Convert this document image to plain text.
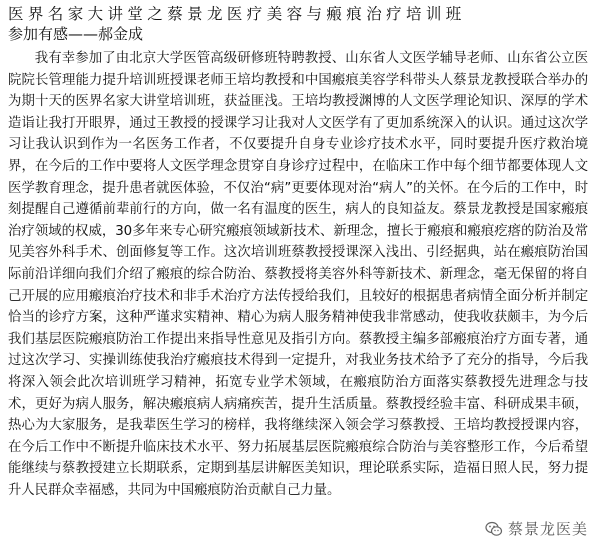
医界名家大讲堂之蔡景龙医疗美容与瘢痕治疗培训班

参加有感——郝金成

我有幸参加了由北京大学医管高级研修班特聘教授、山东省人文医学辅导老师、山东省公立医院院长管理能力提升培训班授课老师王培均教授和中国瘢痕美容学科带头人蔡景龙教授联合举办的为期十天的医界名家大讲堂培训班，获益匪浅。王培均教授渊博的人文医学理论知识、深厚的学术造诣让我打开眼界，通过王教授的授课学习让我对人文医学有了更加系统深入的认识。通过这次学习让我认识到作为一名医务工作者，不仅要提升自身专业诊疗技术水平，同时要提升医疗救治境界，在今后的工作中要将人文医学理念贯穿自身诊疗过程中，在临床工作中每个细节都要体现人文医学教育理念，提升患者就医体验，不仅治“病”更要体现对治“病人”的关怀。在今后的工作中，时刻提醒自己遵循前辈前行的方向，做一名有温度的医生，病人的良知益友。蔡景龙教授是国家瘢痕治疗领域的权威，30多年来专心研究瘢痕领域新技术、新理念，擅长于瘢痕和瘢痕疙瘩的防治及常见美容外科手术、创面修复等工作。这次培训班蔡教授授课深入浅出、引经据典，站在瘢痕防治国际前沿详细向我们介绍了瘢痕的综合防治、蔡教授将美容外科等新技术、新理念，毫无保留的将自己开展的应用瘢痕治疗技术和非手术治疗方法传授给我们，且较好的根据患者病情全面分析并制定恰当的诊疗方案，这种严谨求实精神、精心为病人服务精神使我非常感动，使我收获颇丰，为今后我们基层医院瘢痕防治工作提出来指导性意见及指引方向。蔡教授主编多部瘢痕治疗方面专著，通过这次学习、实操训练使我治疗瘢痕技术得到一定提升，对我业务技术给予了充分的指导，今后我将深入领会此次培训班学习精神，拓宽专业学术领域，在瘢痕防治方面落实蔡教授先进理念与技术，更好为病人服务，解决瘢痕病人病痛疾苦，提升生活质量。蔡教授经验丰富、科研成果丰硕，热心为大家服务，是我辈医生学习的榜样，我将继续深入领会学习蔡教授、王培均教授授课内容，在今后工作中不断提升临床技术水平、努力拓展基层医院瘢痕综合防治与美容整形工作，今后希望能继续与蔡教授建立长期联系，定期到基层讲解医美知识，理论联系实际，造福日照人民，努力提升人民群众幸福感，共同为中国瘢痕防治贡献自己力量。

蔡景龙医美
